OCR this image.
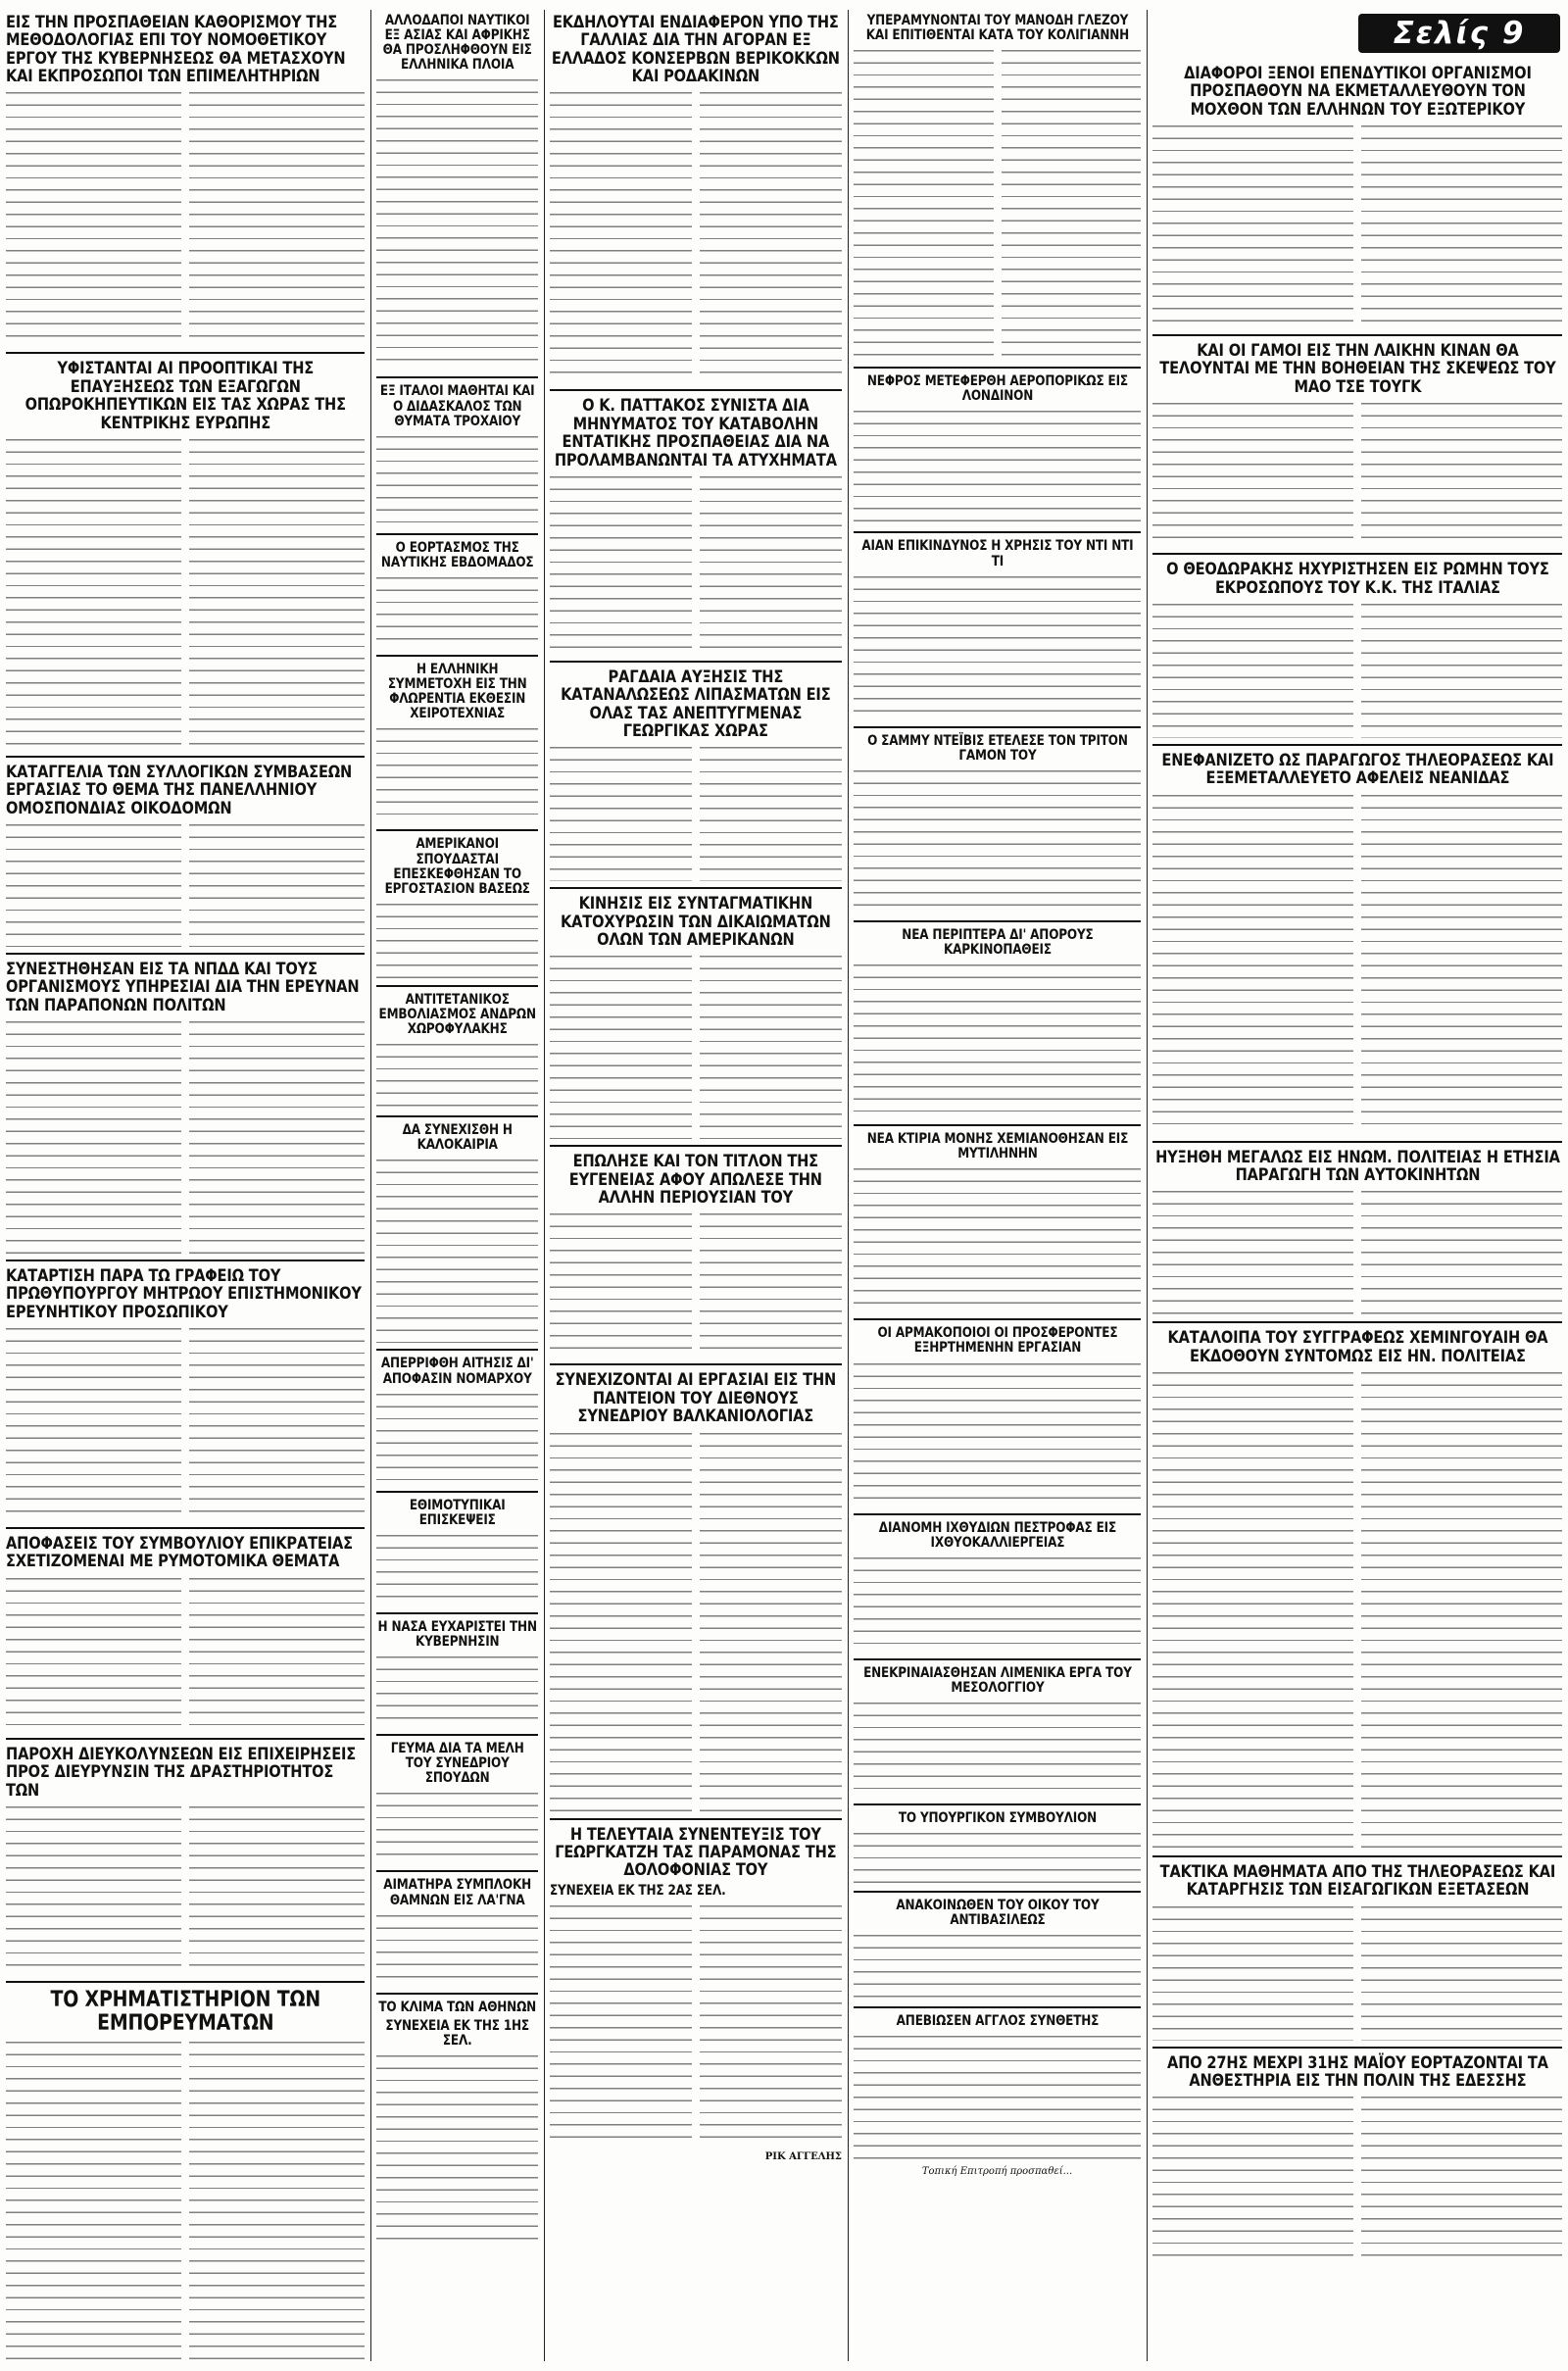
Σελίς 9
ΕΙΣ ΤΗΝ ΠΡΟΣΠΑΘΕΙΑΝ ΚΑΘΟΡΙΣΜΟΥ ΤΗΣ ΜΕΘΟΔΟΛΟΓΙΑΣ ΕΠΙ ΤΟΥ ΝΟΜΟΘΕΤΙΚΟΥ ΕΡΓΟΥ ΤΗΣ ΚΥΒΕΡΝΗΣΕΩΣ ΘΑ ΜΕΤΑΣΧΟΥΝ ΚΑΙ ΕΚΠΡΟΣΩΠΟΙ ΤΩΝ ΕΠΙΜΕΛΗΤΗΡΙΩΝ
ΥΦΙΣΤΑΝΤΑΙ ΑΙ ΠΡΟΟΠΤΙΚΑΙ ΤΗΣ ΕΠΑΥΞΗΣΕΩΣ ΤΩΝ ΕΞΑΓΩΓΩΝ ΟΠΩΡΟΚΗΠΕΥΤΙΚΩΝ ΕΙΣ ΤΑΣ ΧΩΡΑΣ ΤΗΣ ΚΕΝΤΡΙΚΗΣ ΕΥΡΩΠΗΣ
ΚΑΤΑΓΓΕΛΙΑ ΤΩΝ ΣΥΛΛΟΓΙΚΩΝ ΣΥΜΒΑΣΕΩΝ ΕΡΓΑΣΙΑΣ ΤΟ ΘΕΜΑ ΤΗΣ ΠΑΝΕΛΛΗΝΙΟΥ ΟΜΟΣΠΟΝΔΙΑΣ ΟΙΚΟΔΟΜΩΝ
ΣΥΝΕΣΤΗΘΗΣΑΝ ΕΙΣ ΤΑ ΝΠΔΔ ΚΑΙ ΤΟΥΣ ΟΡΓΑΝΙΣΜΟΥΣ ΥΠΗΡΕΣΙΑΙ ΔΙΑ ΤΗΝ ΕΡΕΥΝΑΝ ΤΩΝ ΠΑΡΑΠΟΝΩΝ ΠΟΛΙΤΩΝ
ΚΑΤΑΡΤΙΣΗ ΠΑΡΑ ΤΩ ΓΡΑΦΕΙΩ ΤΟΥ ΠΡΩΘΥΠΟΥΡΓΟΥ ΜΗΤΡΩΟΥ ΕΠΙΣΤΗΜΟΝΙΚΟΥ ΕΡΕΥΝΗΤΙΚΟΥ ΠΡΟΣΩΠΙΚΟΥ
ΑΠΟΦΑΣΕΙΣ ΤΟΥ ΣΥΜΒΟΥΛΙΟΥ ΕΠΙΚΡΑΤΕΙΑΣ ΣΧΕΤΙΖΟΜΕΝΑΙ ΜΕ ΡΥΜΟΤΟΜΙΚΑ ΘΕΜΑΤΑ
ΠΑΡΟΧΗ ΔΙΕΥΚΟΛΥΝΣΕΩΝ ΕΙΣ ΕΠΙΧΕΙΡΗΣΕΙΣ ΠΡΟΣ ΔΙΕΥΡΥΝΣΙΝ ΤΗΣ ΔΡΑΣΤΗΡΙΟΤΗΤΟΣ ΤΩΝ
ΤΟ ΧΡΗΜΑΤΙΣΤΗΡΙΟΝ ΤΩΝ ΕΜΠΟΡΕΥΜΑΤΩΝ
ΑΛΛΟΔΑΠΟΙ ΝΑΥΤΙΚΟΙ ΕΞ ΑΣΙΑΣ ΚΑΙ ΑΦΡΙΚΗΣ ΘΑ ΠΡΟΣΛΗΦΘΟΥΝ ΕΙΣ ΕΛΛΗΝΙΚΑ ΠΛΟΙΑ
ΕΞ ΙΤΑΛΟΙ ΜΑΘΗΤΑΙ ΚΑΙ Ο ΔΙΔΑΣΚΑΛΟΣ ΤΩΝ ΘΥΜΑΤΑ ΤΡΟΧΑΙΟΥ
Ο ΕΟΡΤΑΣΜΟΣ ΤΗΣ ΝΑΥΤΙΚΗΣ ΕΒΔΟΜΑΔΟΣ
Η ΕΛΛΗΝΙΚΗ ΣΥΜΜΕΤΟΧΗ ΕΙΣ ΤΗΝ ΦΛΩΡΕΝΤΙΑ ΕΚΘΕΣΙΝ ΧΕΙΡΟΤΕΧΝΙΑΣ
ΑΜΕΡΙΚΑΝΟΙ ΣΠΟΥΔΑΣΤΑΙ ΕΠΕΣΚΕΦΘΗΣΑΝ ΤΟ ΕΡΓΟΣΤΑΣΙΟΝ ΒΑΣΕΩΣ
ΑΝΤΙΤΕΤΑΝΙΚΟΣ ΕΜΒΟΛΙΑΣΜΟΣ ΑΝΔΡΩΝ ΧΩΡΟΦΥΛΑΚΗΣ
ΔΑ ΣΥΝΕΧΙΣΘΗ Η ΚΑΛΟΚΑΙΡΙΑ
ΑΠΕΡΡΙΦΘΗ ΑΙΤΗΣΙΣ ΔΙ' ΑΠΟΦΑΣΙΝ ΝΟΜΑΡΧΟΥ
ΕΘΙΜΟΤΥΠΙΚΑΙ ΕΠΙΣΚΕΨΕΙΣ
Η ΝΑΣΑ ΕΥΧΑΡΙΣΤΕΙ ΤΗΝ ΚΥΒΕΡΝΗΣΙΝ
ΓΕΥΜΑ ΔΙΑ ΤΑ ΜΕΛΗ ΤΟΥ ΣΥΝΕΔΡΙΟΥ ΣΠΟΥΔΩΝ
ΑΙΜΑΤΗΡΑ ΣΥΜΠΛΟΚΗ ΘΑΜΝΩΝ ΕΙΣ ΛΑ'ΓΝΑ
ΤΟ ΚΛΙΜΑ ΤΩΝ ΑΘΗΝΩΝ
ΣΥΝΕΧΕΙΑ ΕΚ ΤΗΣ 1ΗΣ ΣΕΛ.
ΕΚΔΗΛΟΥΤΑΙ ΕΝΔΙΑΦΕΡΟΝ ΥΠΟ ΤΗΣ ΓΑΛΛΙΑΣ ΔΙΑ ΤΗΝ ΑΓΟΡΑΝ ΕΞ ΕΛΛΑΔΟΣ ΚΟΝΣΕΡΒΩΝ ΒΕΡΙΚΟΚΚΩΝ ΚΑΙ ΡΟΔΑΚΙΝΩΝ
Ο Κ. ΠΑΤΤΑΚΟΣ ΣΥΝΙΣΤΑ ΔΙΑ ΜΗΝΥΜΑΤΟΣ ΤΟΥ ΚΑΤΑΒΟΛΗΝ ΕΝΤΑΤΙΚΗΣ ΠΡΟΣΠΑΘΕΙΑΣ ΔΙΑ ΝΑ ΠΡΟΛΑΜΒΑΝΩΝΤΑΙ ΤΑ ΑΤΥΧΗΜΑΤΑ
ΡΑΓΔΑΙΑ ΑΥΞΗΣΙΣ ΤΗΣ ΚΑΤΑΝΑΛΩΣΕΩΣ ΛΙΠΑΣΜΑΤΩΝ ΕΙΣ ΟΛΑΣ ΤΑΣ ΑΝΕΠΤΥΓΜΕΝΑΣ ΓΕΩΡΓΙΚΑΣ ΧΩΡΑΣ
ΚΙΝΗΣΙΣ ΕΙΣ ΣΥΝΤΑΓΜΑΤΙΚΗΝ ΚΑΤΟΧΥΡΩΣΙΝ ΤΩΝ ΔΙΚΑΙΩΜΑΤΩΝ ΟΛΩΝ ΤΩΝ ΑΜΕΡΙΚΑΝΩΝ
ΕΠΩΛΗΣΕ ΚΑΙ ΤΟΝ ΤΙΤΛΟΝ ΤΗΣ ΕΥΓΕΝΕΙΑΣ ΑΦΟΥ ΑΠΩΛΕΣΕ ΤΗΝ ΑΛΛΗΝ ΠΕΡΙΟΥΣΙΑΝ ΤΟΥ
ΣΥΝΕΧΙΖΟΝΤΑΙ ΑΙ ΕΡΓΑΣΙΑΙ ΕΙΣ ΤΗΝ ΠΑΝΤΕΙΟΝ ΤΟΥ ΔΙΕΘΝΟΥΣ ΣΥΝΕΔΡΙΟΥ ΒΑΛΚΑΝΙΟΛΟΓΙΑΣ
Η ΤΕΛΕΥΤΑΙΑ ΣΥΝΕΝΤΕΥΞΙΣ ΤΟΥ ΓΕΩΡΓΚΑΤΖΗ ΤΑΣ ΠΑΡΑΜΟΝΑΣ ΤΗΣ ΔΟΛΟΦΟΝΙΑΣ ΤΟΥ
ΣΥΝΕΧΕΙΑ ΕΚ ΤΗΣ 2ΑΣ ΣΕΛ.
ΡΙΚ ΑΓΓΕΛΗΣ
ΥΠΕΡΑΜΥΝΟΝΤΑΙ ΤΟΥ ΜΑΝΟΔΗ ΓΛΕΖΟΥ ΚΑΙ ΕΠΙΤΙΘΕΝΤΑΙ ΚΑΤΑ ΤΟΥ ΚΟΛΙΓΙΑΝΝΗ
ΝΕΦΡΟΣ ΜΕΤΕΦΕΡΘΗ ΑΕΡΟΠΟΡΙΚΩΣ ΕΙΣ ΛΟΝΔΙΝΟΝ
ΑΙΑΝ ΕΠΙΚΙΝΔΥΝΟΣ Η ΧΡΗΣΙΣ ΤΟΥ ΝΤΙ ΝΤΙ ΤΙ
Ο ΣΑΜΜΥ ΝΤΕΪΒΙΣ ΕΤΕΛΕΣΕ ΤΟΝ ΤΡΙΤΟΝ ΓΑΜΟΝ ΤΟΥ
ΝΕΑ ΠΕΡΙΠΤΕΡΑ ΔΙ' ΑΠΟΡΟΥΣ ΚΑΡΚΙΝΟΠΑΘΕΙΣ
ΝΕΑ ΚΤΙΡΙΑ ΜΟΝΗΣ ΧΕΜΙΑΝΟΘΗΣΑΝ ΕΙΣ ΜΥΤΙΛΗΝΗΝ
ΟΙ ΑΡΜΑΚΟΠΟΙΟΙ ΟΙ ΠΡΟΣΦΕΡΟΝΤΕΣ ΕΞΗΡΤΗΜΕΝΗΝ ΕΡΓΑΣΙΑΝ
ΔΙΑΝΟΜΗ ΙΧΘΥΔΙΩΝ ΠΕΣΤΡΟΦΑΣ ΕΙΣ ΙΧΘΥΟΚΑΛΛΙΕΡΓΕΙΑΣ
ΕΝΕΚΡΙΝΑΙΑΣΘΗΣΑΝ ΛΙΜΕΝΙΚΑ ΕΡΓΑ ΤΟΥ ΜΕΣΟΛΟΓΓΙΟΥ
ΤΟ ΥΠΟΥΡΓΙΚΟΝ ΣΥΜΒΟΥΛΙΟΝ
ΑΝΑΚΟΙΝΩΘΕΝ ΤΟΥ ΟΙΚΟΥ ΤΟΥ ΑΝΤΙΒΑΣΙΛΕΩΣ
ΑΠΕΒΙΩΣΕΝ ΑΓΓΛΟΣ ΣΥΝΘΕΤΗΣ
Τοπική Επιτροπή προσπαθεί...
ΔΙΑΦΟΡΟΙ ΞΕΝΟΙ ΕΠΕΝΔΥΤΙΚΟΙ ΟΡΓΑΝΙΣΜΟΙ ΠΡΟΣΠΑΘΟΥΝ ΝΑ ΕΚΜΕΤΑΛΛΕΥΘΟΥΝ ΤΟΝ ΜΟΧΘΟΝ ΤΩΝ ΕΛΛΗΝΩΝ ΤΟΥ ΕΞΩΤΕΡΙΚΟΥ
ΚΑΙ ΟΙ ΓΑΜΟΙ ΕΙΣ ΤΗΝ ΛΑΙΚΗΝ ΚΙΝΑΝ ΘΑ ΤΕΛΟΥΝΤΑΙ ΜΕ ΤΗΝ ΒΟΗΘΕΙΑΝ ΤΗΣ ΣΚΕΨΕΩΣ ΤΟΥ ΜΑΟ ΤΣΕ ΤΟΥΓΚ
Ο ΘΕΟΔΩΡΑΚΗΣ ΗΧΥΡΙΣΤΗΣΕΝ ΕΙΣ ΡΩΜΗΝ ΤΟΥΣ ΕΚΡΟΣΩΠΟΥΣ ΤΟΥ Κ.Κ. ΤΗΣ ΙΤΑΛΙΑΣ
ΕΝΕΦΑΝΙΖΕΤΟ ΩΣ ΠΑΡΑΓΩΓΟΣ ΤΗΛΕΟΡΑΣΕΩΣ ΚΑΙ ΕΞΕΜΕΤΑΛΛΕΥΕΤΟ ΑΦΕΛΕΙΣ ΝΕΑΝΙΔΑΣ
ΗΥΞΗΘΗ ΜΕΓΑΛΩΣ ΕΙΣ ΗΝΩΜ. ΠΟΛΙΤΕΙΑΣ Η ΕΤΗΣΙΑ ΠΑΡΑΓΩΓΗ ΤΩΝ ΑΥΤΟΚΙΝΗΤΩΝ
ΚΑΤΑΛΟΙΠΑ ΤΟΥ ΣΥΓΓΡΑΦΕΩΣ ΧΕΜΙΝΓΟΥΑΙΗ ΘΑ ΕΚΔΟΘΟΥΝ ΣΥΝΤΟΜΩΣ ΕΙΣ ΗΝ. ΠΟΛΙΤΕΙΑΣ
ΤΑΚΤΙΚΑ ΜΑΘΗΜΑΤΑ ΑΠΟ ΤΗΣ ΤΗΛΕΟΡΑΣΕΩΣ ΚΑΙ ΚΑΤΑΡΓΗΣΙΣ ΤΩΝ ΕΙΣΑΓΩΓΙΚΩΝ ΕΞΕΤΑΣΕΩΝ
ΑΠΟ 27ΗΣ ΜΕΧΡΙ 31ΗΣ ΜΑΪΟΥ ΕΟΡΤΑΖΟΝΤΑΙ ΤΑ ΑΝΘΕΣΤΗΡΙΑ ΕΙΣ ΤΗΝ ΠΟΛΙΝ ΤΗΣ ΕΔΕΣΣΗΣ
